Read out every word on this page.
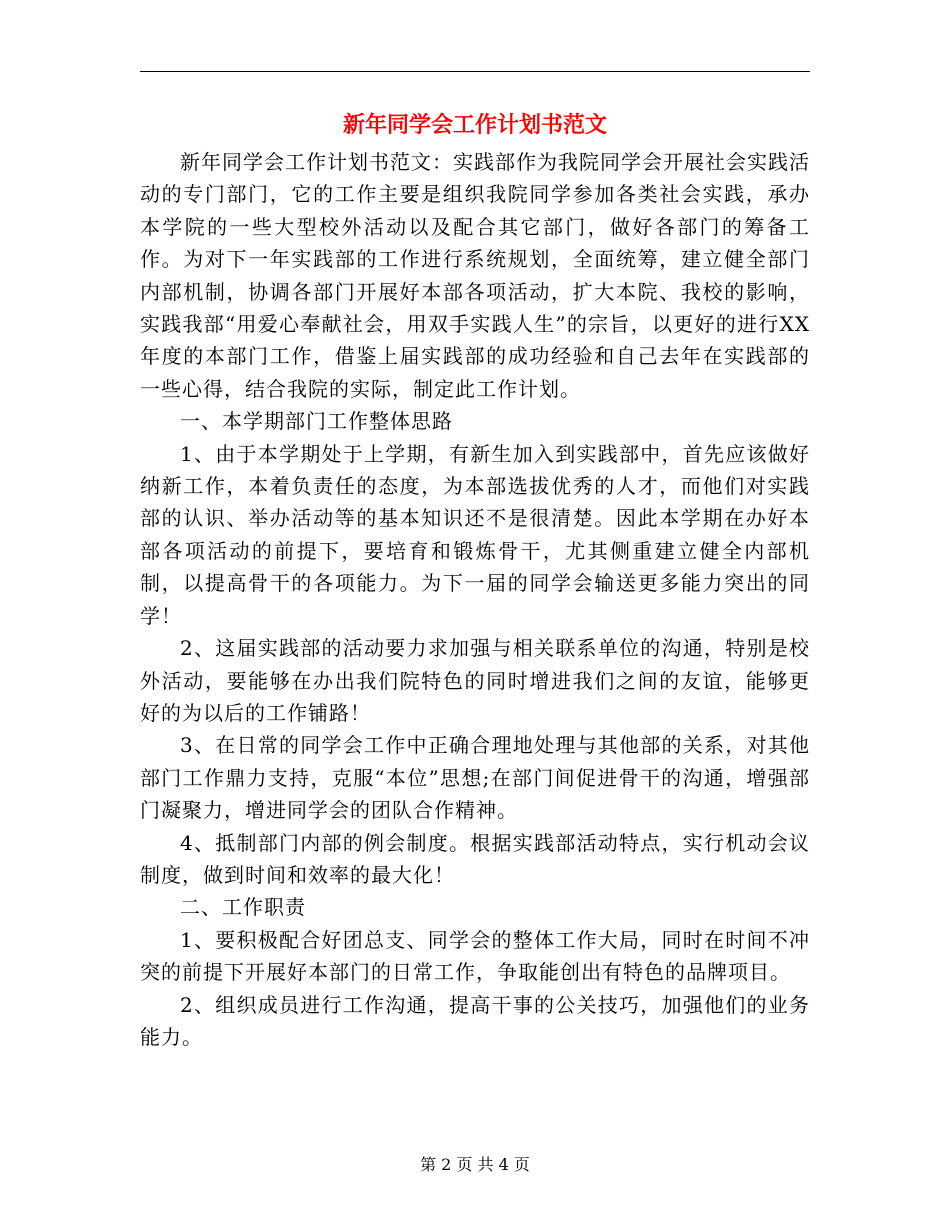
新年同学会工作计划书范文

新年同学会工作计划书范文：实践部作为我院同学会开展社会实践活动的专门部门，它的工作主要是组织我院同学参加各类社会实践，承办本学院的一些大型校外活动以及配合其它部门，做好各部门的筹备工作。为对下一年实践部的工作进行系统规划，全面统筹，建立健全部门内部机制，协调各部门开展好本部各项活动，扩大本院、我校的影响，实践我部“用爱心奉献社会，用双手实践人生”的宗旨，以更好的进行XX年度的本部门工作，借鉴上届实践部的成功经验和自己去年在实践部的一些心得，结合我院的实际，制定此工作计划。

一、本学期部门工作整体思路

1、由于本学期处于上学期，有新生加入到实践部中，首先应该做好纳新工作，本着负责任的态度，为本部选拔优秀的人才，而他们对实践部的认识、举办活动等的基本知识还不是很清楚。因此本学期在办好本部各项活动的前提下，要培育和锻炼骨干，尤其侧重建立健全内部机制，以提高骨干的各项能力。为下一届的同学会输送更多能力突出的同学！

2、这届实践部的活动要力求加强与相关联系单位的沟通，特别是校外活动，要能够在办出我们院特色的同时增进我们之间的友谊，能够更好的为以后的工作铺路！

3、在日常的同学会工作中正确合理地处理与其他部的关系，对其他部门工作鼎力支持，克服“本位”思想;在部门间促进骨干的沟通，增强部门凝聚力，增进同学会的团队合作精神。

4、抵制部门内部的例会制度。根据实践部活动特点，实行机动会议制度，做到时间和效率的最大化！

二、工作职责

1、要积极配合好团总支、同学会的整体工作大局，同时在时间不冲突的前提下开展好本部门的日常工作，争取能创出有特色的品牌项目。

2、组织成员进行工作沟通，提高干事的公关技巧，加强他们的业务能力。

第 2 页 共 4 页
